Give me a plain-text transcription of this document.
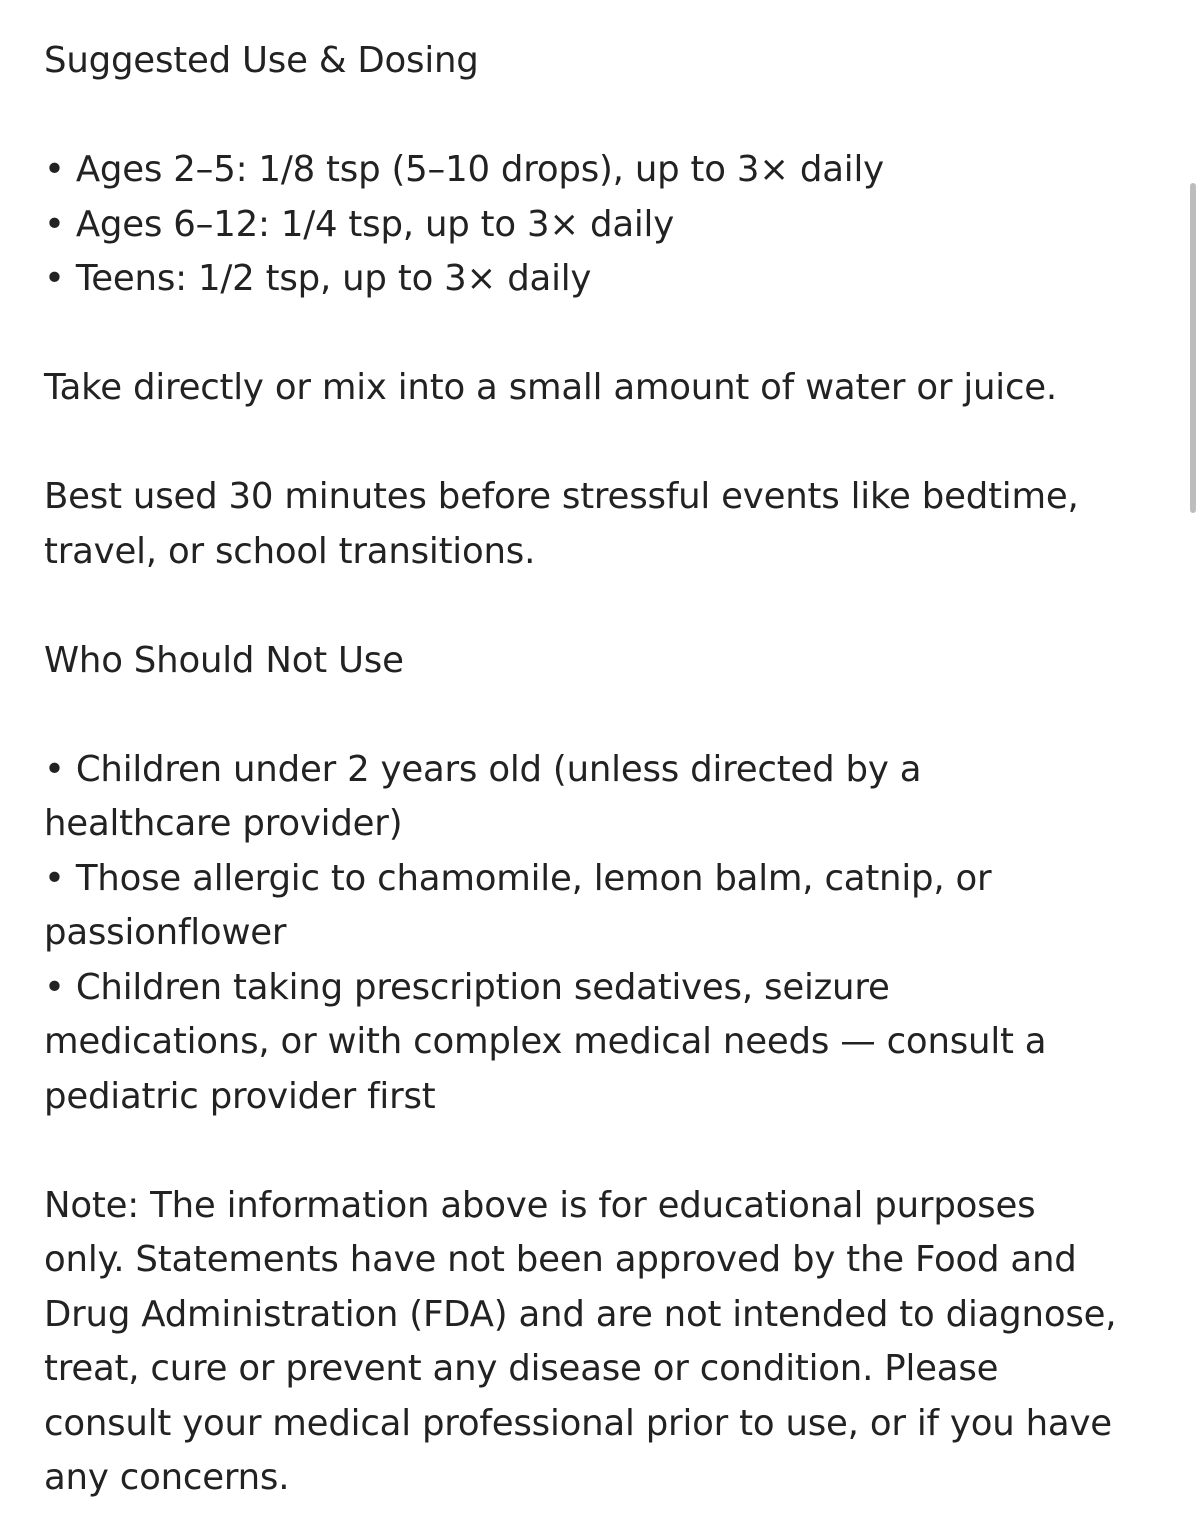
Suggested Use & Dosing
• Ages 2–5: 1/8 tsp (5–10 drops), up to 3× daily
• Ages 6–12: 1/4 tsp, up to 3× daily
• Teens: 1/2 tsp, up to 3× daily
Take directly or mix into a small amount of water or juice.
Best used 30 minutes before stressful events like bedtime,
travel, or school transitions.
Who Should Not Use
• Children under 2 years old (unless directed by a
healthcare provider)
• Those allergic to chamomile, lemon balm, catnip, or
passionflower
• Children taking prescription sedatives, seizure
medications, or with complex medical needs — consult a
pediatric provider first
Note: The information above is for educational purposes
only. Statements have not been approved by the Food and
Drug Administration (FDA) and are not intended to diagnose,
treat, cure or prevent any disease or condition. Please
consult your medical professional prior to use, or if you have
any concerns.
